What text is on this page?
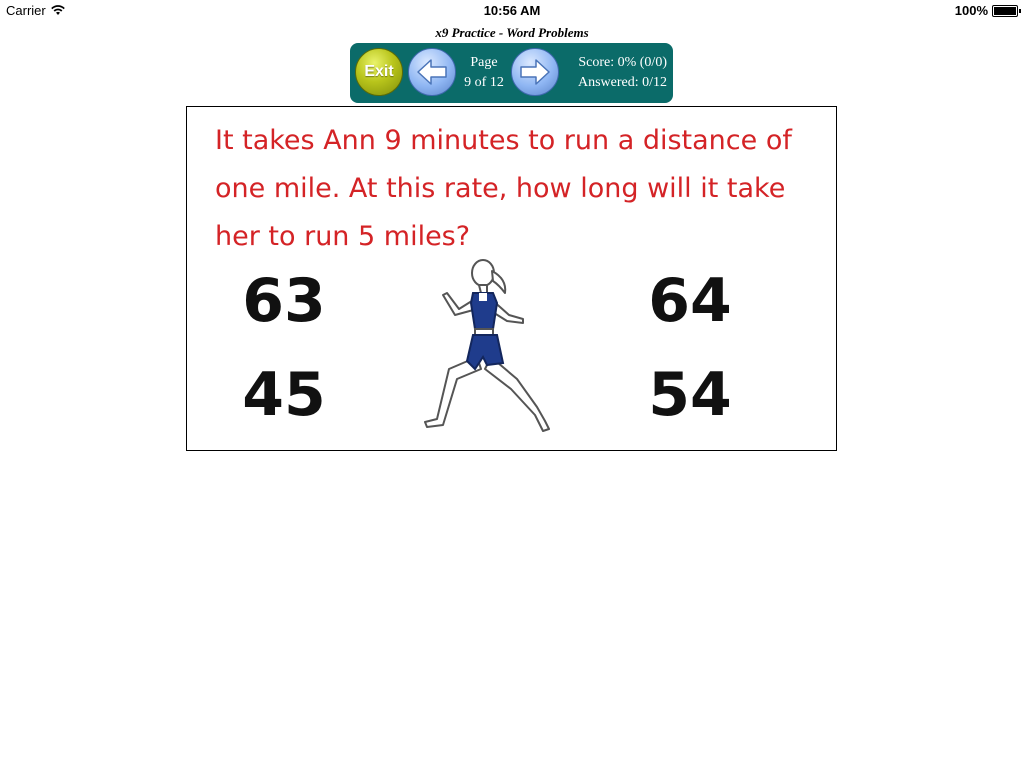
Carrier	10:56 AM	100%
x9 Practice - Word Problems
Exit
Page
9 of 12
Score: 0% (0/0)
Answered: 0/12
It takes Ann 9 minutes to run a distance of one mile. At this rate, how long will it take her to run 5 miles?
63	64
45	54
